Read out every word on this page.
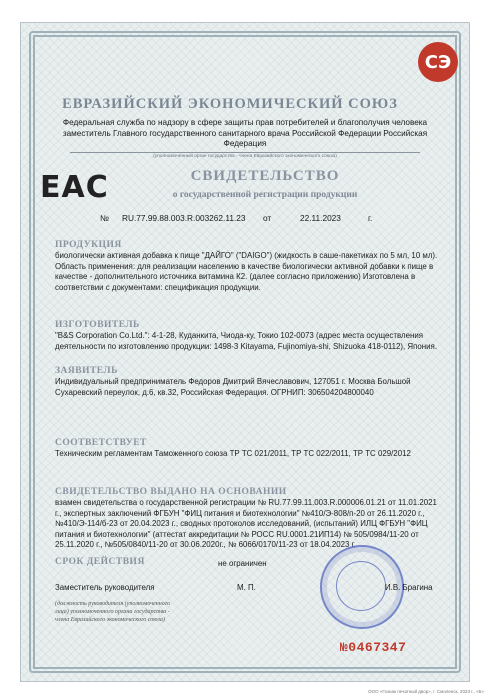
СЭ
ЕВРАЗИЙСКИЙ ЭКОНОМИЧЕСКИЙ СОЮЗ
Федеральная служба по надзору в сфере защиты прав потребителей и благополучия человека заместитель Главного государственного санитарного врача Российской Федерации Российская Федерация
(уполномоченный орган государства - члена Евразийского экономического союза)
ЕАС	СВИДЕТЕЛЬСТВО
о государственной регистрации продукции
№ RU.77.99.88.003.R.003262.11.23 от	22.11.2023	г.
ПРОДУКЦИЯ
биологически активная добавка к пище "ДАЙГО" ("DAIGO") (жидкость в саше-пакетиках по 5 мл, 10 мл). Область применения: для реализации населению в качестве биологически активной добавки к пище в качестве - дополнительного источника витамина К2. (далее согласно приложению) Изготовлена в соответствии с документами: спецификация продукции.
ИЗГОТОВИТЕЛЬ
"B&S Corporation Co.Ltd.": 4-1-28, Куданкита, Чиода-ку, Токио 102-0073 (адрес места осуществления деятельности по изготовлению продукции: 1498-3 Kitayama, Fujinomiya-shi, Shizuoka 418-0112), Япония.
ЗАЯВИТЕЛЬ
Индивидуальный предприниматель Федоров Дмитрий Вячеславович, 127051 г. Москва Большой Сухаревский переулок, д.6, кв.32, Российская Федерация. ОГРНИП: 306504204800040
СООТВЕТСТВУЕТ
Техническим регламентам Таможенного союза ТР ТС 021/2011, ТР ТС 022/2011, ТР ТС 029/2012
СВИДЕТЕЛЬСТВО ВЫДАНО НА ОСНОВАНИИ
взамен свидетельства о государственной регистрации № RU.77.99.11.003.R.000006.01.21 от 11.01.2021 г., экспертных заключений ФГБУН "ФИЦ питания и биотехнологии" №410/Э-808/п-20 от 26.11.2020 г., №410/Э-114/б-23 от 20.04.2023 г., сводных протоколов исследований, (испытаний) ИЛЦ ФГБУН "ФИЦ питания и биотехнологии" (аттестат аккредитации № РОСС RU.0001.21ИП14) № 505/0984/11-20 от 25.11.2020 г., №505/0840/11-20 от 30.06.2020г., № 6066/0170/11-23 от 18.04.2023 г.
СРОК ДЕЙСТВИЯ	не ограничен
Заместитель руководителя	М. П.	И.В. Брагина
(должность руководителя (уполномоченного лица) уполномоченного органа государства - члена Евразийского экономического союза)
№0467347
ООО «Гознак печатный двор», г. Смоленск, 2023 г., «Б»
